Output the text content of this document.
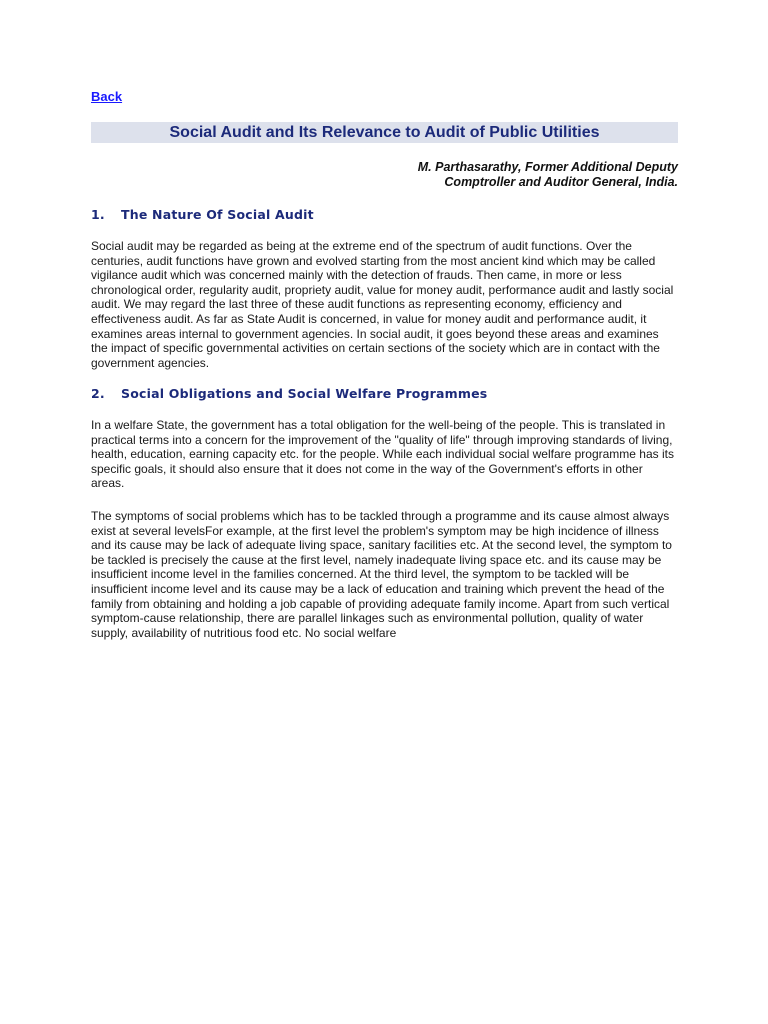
Back
Social Audit and Its Relevance to Audit of Public Utilities
M. Parthasarathy, Former Additional Deputy
Comptroller and Auditor General, India.
1. The Nature Of Social Audit

Social audit may be regarded as being at the extreme end of the spectrum of audit functions. Over the centuries, audit functions have grown and evolved starting from the most ancient kind which may be called vigilance audit which was concerned mainly with the detection of frauds. Then came, in more or less chronological order, regularity audit, propriety audit, value for money audit, performance audit and lastly social audit. We may regard the last three of these audit functions as representing economy, efficiency and effectiveness audit. As far as State Audit is concerned, in value for money audit and performance audit, it examines areas internal to government agencies. In social audit, it goes beyond these areas and examines the impact of specific governmental activities on certain sections of the society which are in contact with the government agencies.

2. Social Obligations and Social Welfare Programmes

In a welfare State, the government has a total obligation for the well-being of the people. This is translated in practical terms into a concern for the improvement of the "quality of life" through improving standards of living, health, education, earning capacity etc. for the people. While each individual social welfare programme has its specific goals, it should also ensure that it does not come in the way of the Government's efforts in other areas.

The symptoms of social problems which has to be tackled through a programme and its cause almost always exist at several levelsFor example, at the first level the problem's symptom may be high incidence of illness and its cause may be lack of adequate living space, sanitary facilities etc. At the second level, the symptom to be tackled is precisely the cause at the first level, namely inadequate living space etc. and its cause may be insufficient income level in the families concerned. At the third level, the symptom to be tackled will be insufficient income level and its cause may be a lack of education and training which prevent the head of the family from obtaining and holding a job capable of providing adequate family income. Apart from such vertical symptom-cause relationship, there are parallel linkages such as environmental pollution, quality of water supply, availability of nutritious food etc. No social welfare
